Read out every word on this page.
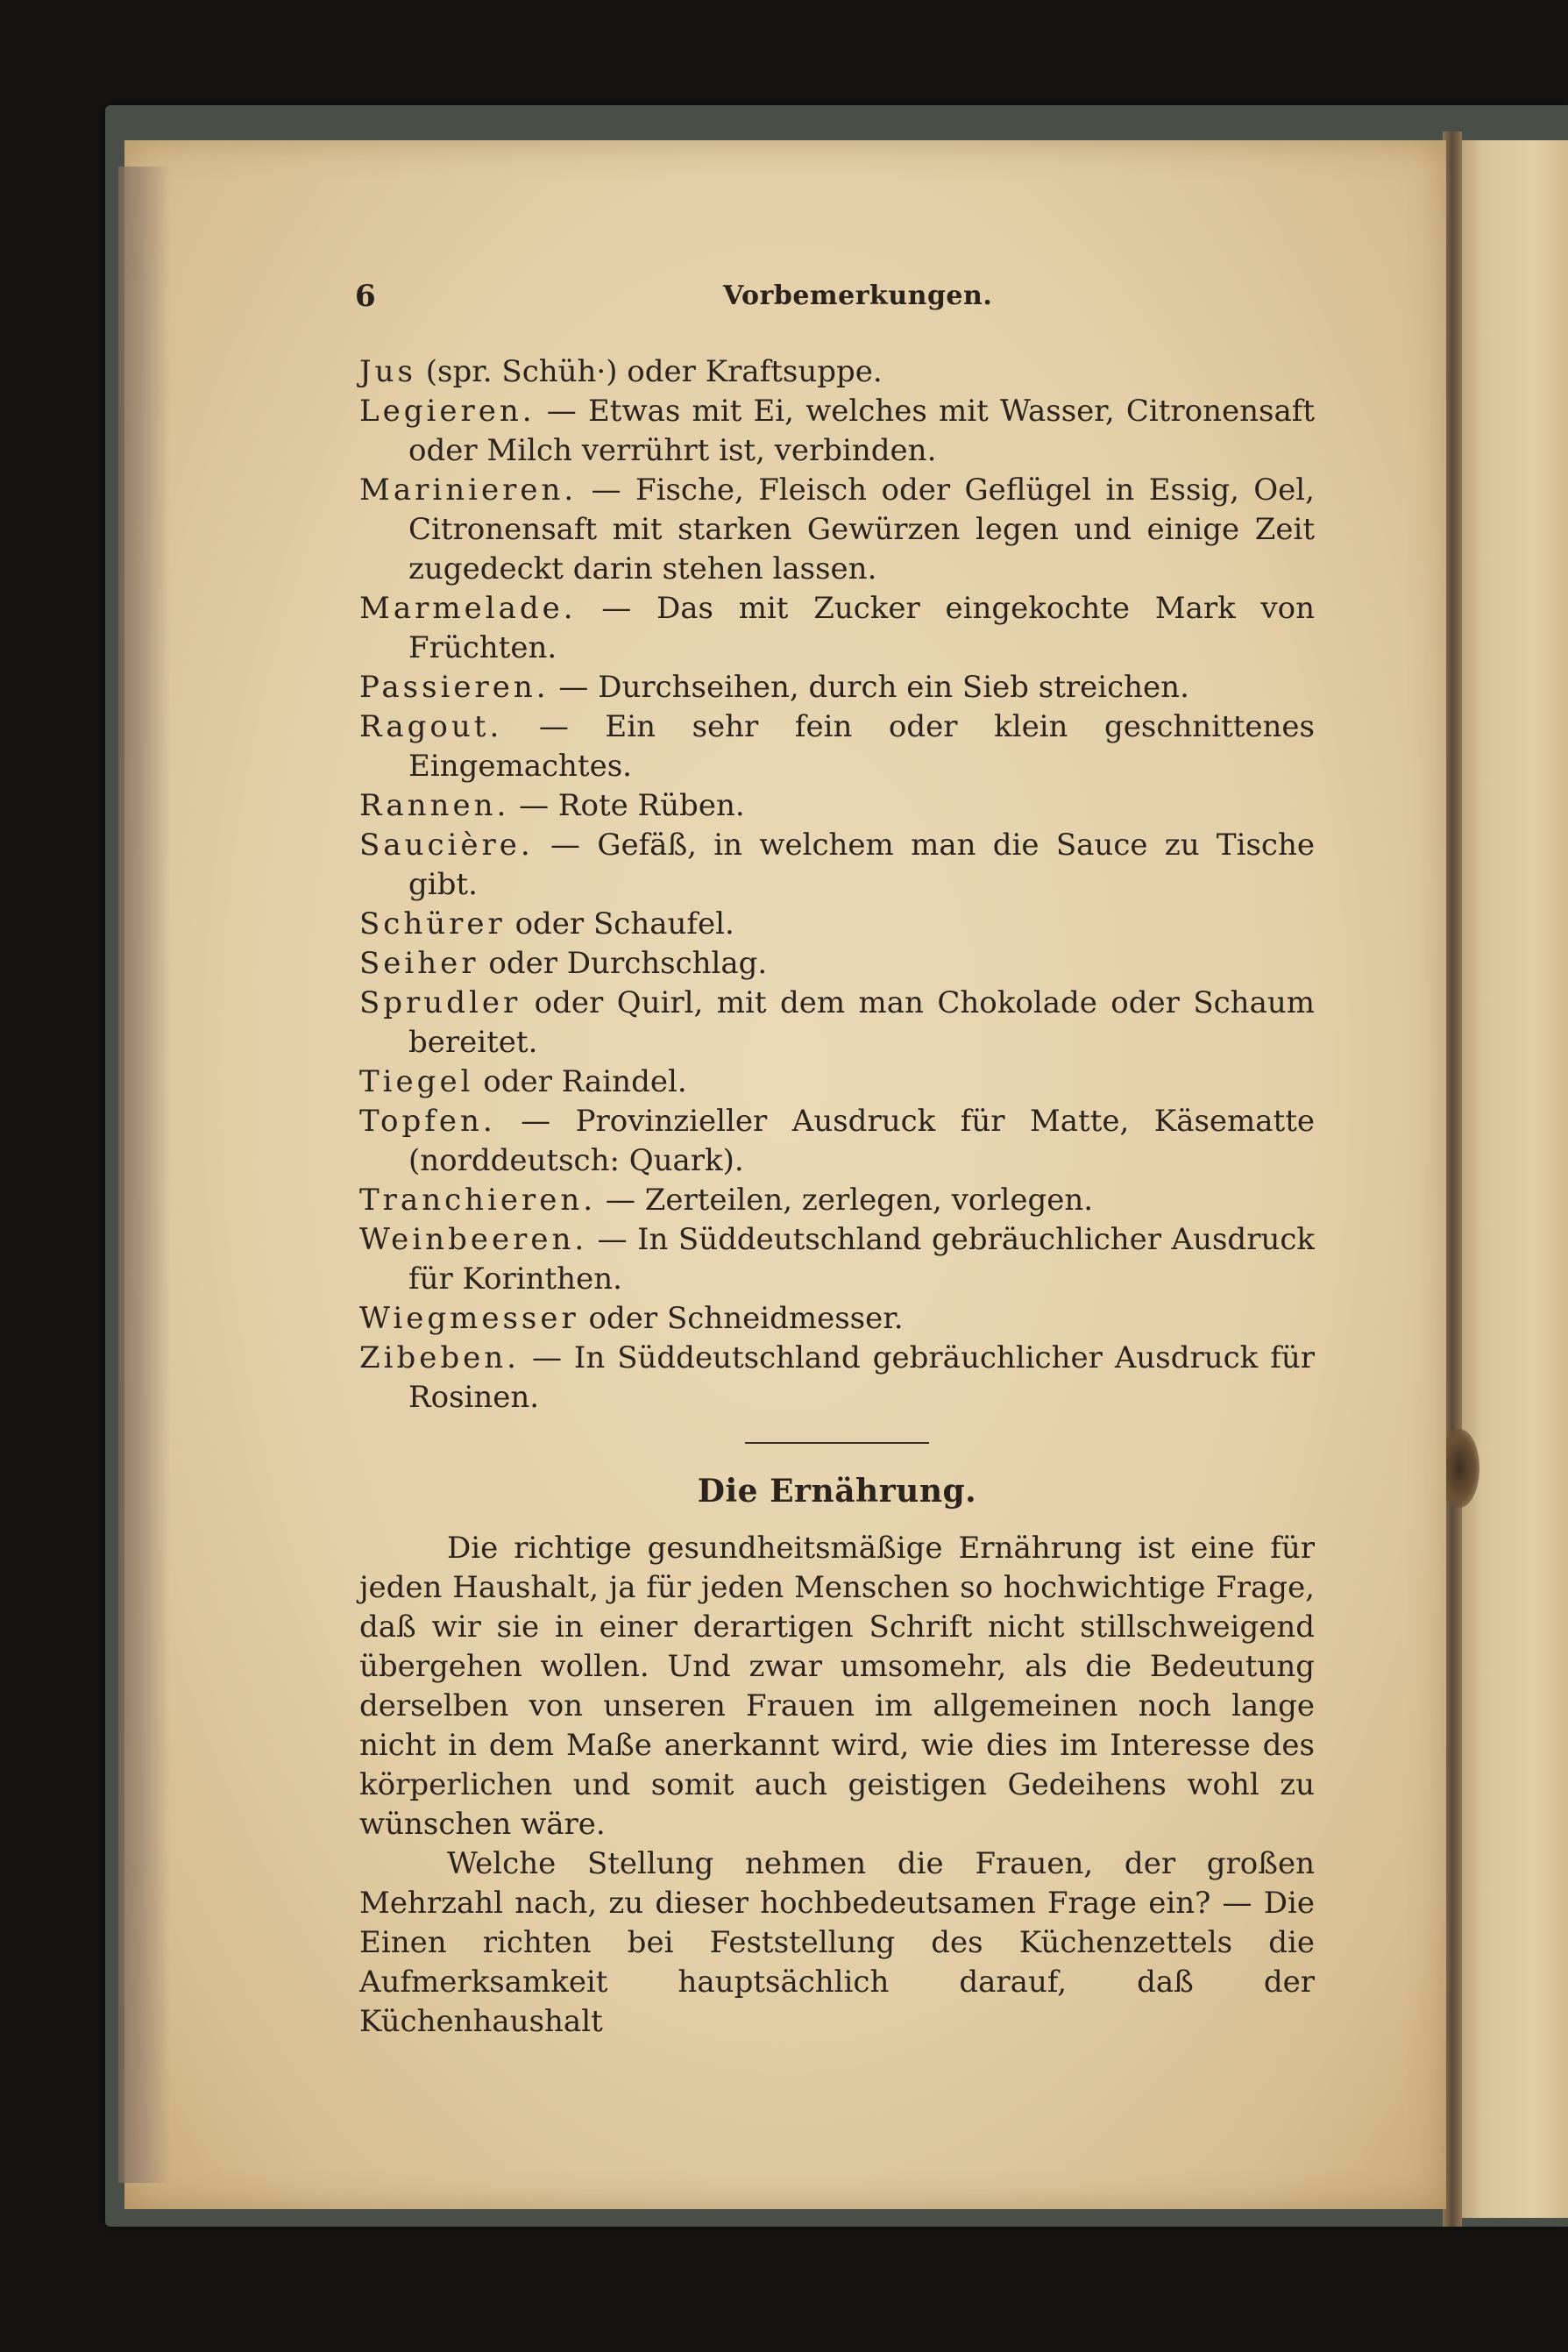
6	Vorbemerkungen.

Jus (spr. Schüh·) oder Kraftsuppe.

Legieren. — Etwas mit Ei, welches mit Wasser, Citronensaft oder Milch verrührt ist, verbinden.

Marinieren. — Fische, Fleisch oder Geflügel in Essig, Oel, Citronensaft mit starken Gewürzen legen und einige Zeit zugedeckt darin stehen lassen.

Marmelade. — Das mit Zucker eingekochte Mark von Früchten.

Passieren. — Durchseihen, durch ein Sieb streichen.

Ragout. — Ein sehr fein oder klein geschnittenes Eingemachtes.

Rannen. — Rote Rüben.

Saucière. — Gefäß, in welchem man die Sauce zu Tische gibt.

Schürer oder Schaufel.

Seiher oder Durchschlag.

Sprudler oder Quirl, mit dem man Chokolade oder Schaum bereitet.

Tiegel oder Raindel.

Topfen. — Provinzieller Ausdruck für Matte, Käsematte (norddeutsch: Quark).

Tranchieren. — Zerteilen, zerlegen, vorlegen.

Weinbeeren. — In Süddeutschland gebräuchlicher Ausdruck für Korinthen.

Wiegmesser oder Schneidmesser.

Zibeben. — In Süddeutschland gebräuchlicher Ausdruck für Rosinen.

Die Ernährung.

Die richtige gesundheitsmäßige Ernährung ist eine für jeden Haushalt, ja für jeden Menschen so hochwichtige Frage, daß wir sie in einer derartigen Schrift nicht stillschweigend übergehen wollen. Und zwar umsomehr, als die Bedeutung derselben von unseren Frauen im allgemeinen noch lange nicht in dem Maße anerkannt wird, wie dies im Interesse des körperlichen und somit auch geistigen Gedeihens wohl zu wünschen wäre.

Welche Stellung nehmen die Frauen, der großen Mehrzahl nach, zu dieser hochbedeutsamen Frage ein? — Die Einen richten bei Feststellung des Küchenzettels die Aufmerksamkeit hauptsächlich darauf, daß der Küchenhaushalt
